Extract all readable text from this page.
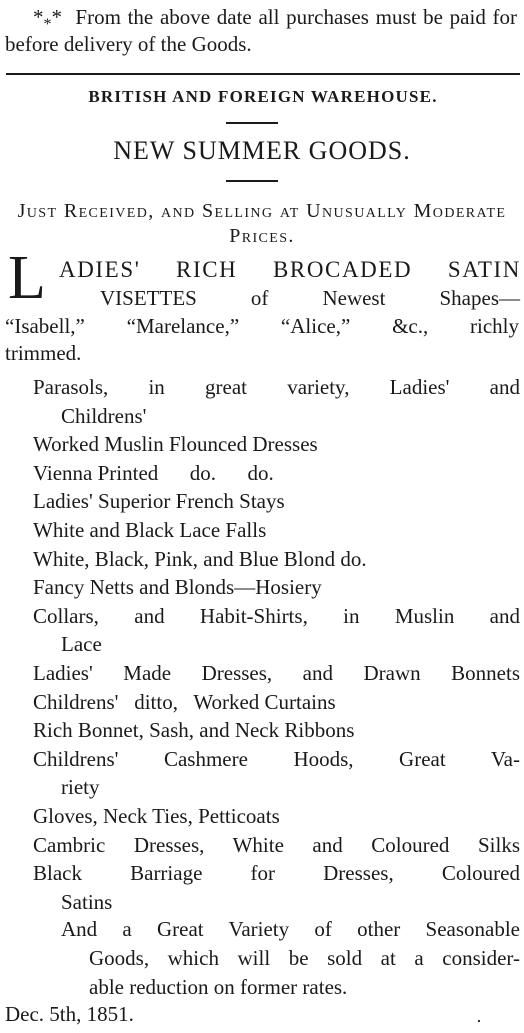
$*_**$ From the above date all purchases must be paid for before delivery of the Goods.
BRITISH AND FOREIGN WAREHOUSE.
NEW SUMMER GOODS.
Just Received, and Selling at Unusually Moderate Prices.
L ADIES' RICH BROCADED SATIN
VISETTES of Newest Shapes—
“Isabell,” “Marelance,” “Alice,” &c., richly
trimmed.
Parasols, in great variety, Ladies' and
Childrens'
Worked Muslin Flounced Dresses
Vienna Printed      do.      do.
Ladies' Superior French Stays
White and Black Lace Falls
White, Black, Pink, and Blue Blond do.
Fancy Netts and Blonds—Hosiery
Collars, and Habit-Shirts, in Muslin and
Lace
Ladies' Made Dresses, and Drawn Bonnets
Childrens'   ditto,   Worked Curtains
Rich Bonnet, Sash, and Neck Ribbons
Childrens' Cashmere Hoods, Great Va-
riety
Gloves, Neck Ties, Petticoats
Cambric Dresses, White and Coloured Silks
Black Barriage for Dresses, Coloured
Satins
And a Great Variety of other Seasonable
Goods, which will be sold at a consider-
able reduction on former rates.
Dec. 5th, 1851.
